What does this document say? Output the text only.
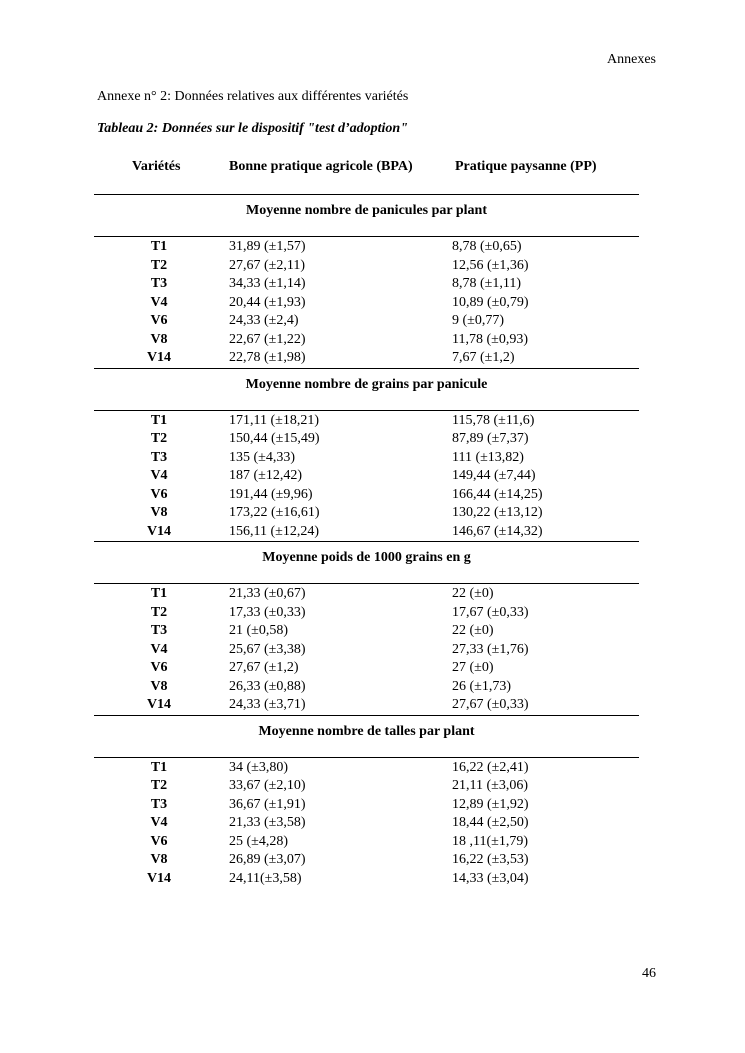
Annexes
Annexe n° 2: Données relatives aux différentes variétés
Tableau 2: Données sur le dispositif "test d’adoption"
Variétés	Bonne pratique agricole (BPA)	Pratique paysanne (PP)
Moyenne nombre de panicules par plant
T1	31,89 (±1,57)	8,78 (±0,65)
T2	27,67 (±2,11)	12,56 (±1,36)
T3	34,33 (±1,14)	8,78 (±1,11)
V4	20,44 (±1,93)	10,89 (±0,79)
V6	24,33 (±2,4)	9 (±0,77)
V8	22,67 (±1,22)	11,78 (±0,93)
V14	22,78 (±1,98)	7,67 (±1,2)
Moyenne nombre de grains par panicule
T1	171,11 (±18,21)	115,78 (±11,6)
T2	150,44 (±15,49)	87,89 (±7,37)
T3	135 (±4,33)	111 (±13,82)
V4	187 (±12,42)	149,44 (±7,44)
V6	191,44 (±9,96)	166,44 (±14,25)
V8	173,22 (±16,61)	130,22 (±13,12)
V14	156,11 (±12,24)	146,67 (±14,32)
Moyenne poids de 1000 grains en g
T1	21,33 (±0,67)	22 (±0)
T2	17,33 (±0,33)	17,67 (±0,33)
T3	21 (±0,58)	22 (±0)
V4	25,67 (±3,38)	27,33 (±1,76)
V6	27,67 (±1,2)	27 (±0)
V8	26,33 (±0,88)	26 (±1,73)
V14	24,33 (±3,71)	27,67 (±0,33)
Moyenne nombre de talles par plant
T1	34 (±3,80)	16,22 (±2,41)
T2	33,67 (±2,10)	21,11 (±3,06)
T3	36,67 (±1,91)	12,89 (±1,92)
V4	21,33 (±3,58)	18,44 (±2,50)
V6	25 (±4,28)	18 ,11(±1,79)
V8	26,89 (±3,07)	16,22 (±3,53)
V14	24,11(±3,58)	14,33 (±3,04)
46
